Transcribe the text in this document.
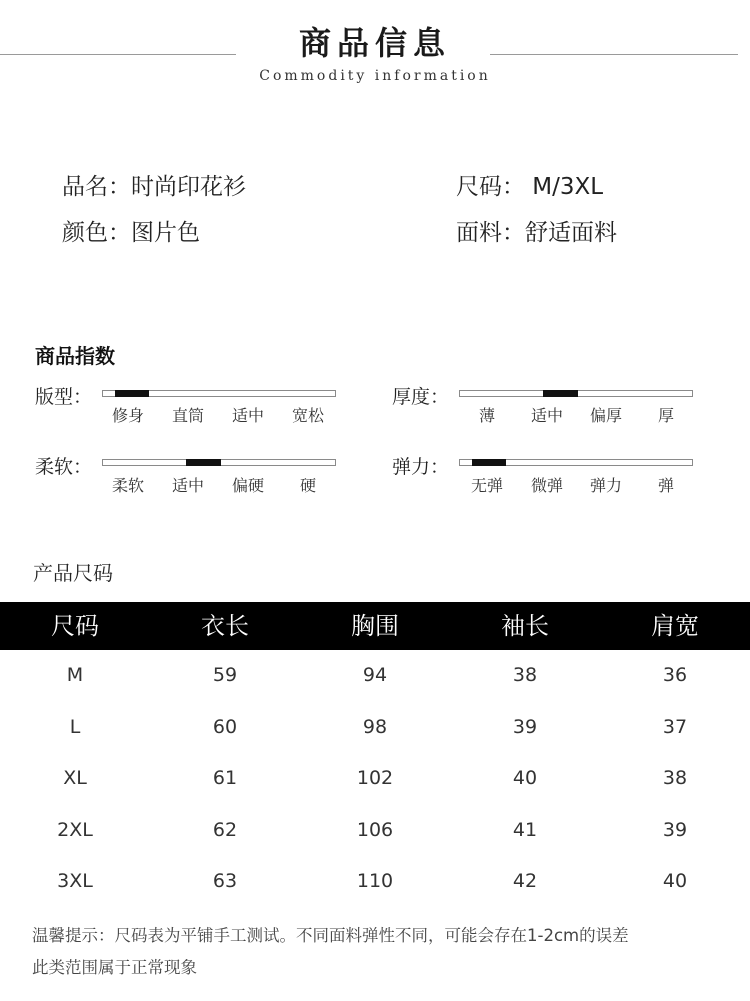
商品信息
Commodity information
品名：时尚印花衫	尺码： M/3XL
颜色：图片色	面料：舒适面料
商品指数
版型：
修身 直筒 适中 宽松
厚度：
薄 适中 偏厚 厚
柔软：
柔软 适中 偏硬 硬
弹力：
无弹 微弹 弹力 弹
产品尺码
尺码	衣长	胸围	袖长	肩宽
M	59	94	38	36
L	60	98	39	37
XL	61	102	40	38
2XL	62	106	41	39
3XL	63	110	42	40
温馨提示：尺码表为平铺手工测试。不同面料弹性不同，可能会存在1-2cm的误差
此类范围属于正常现象
